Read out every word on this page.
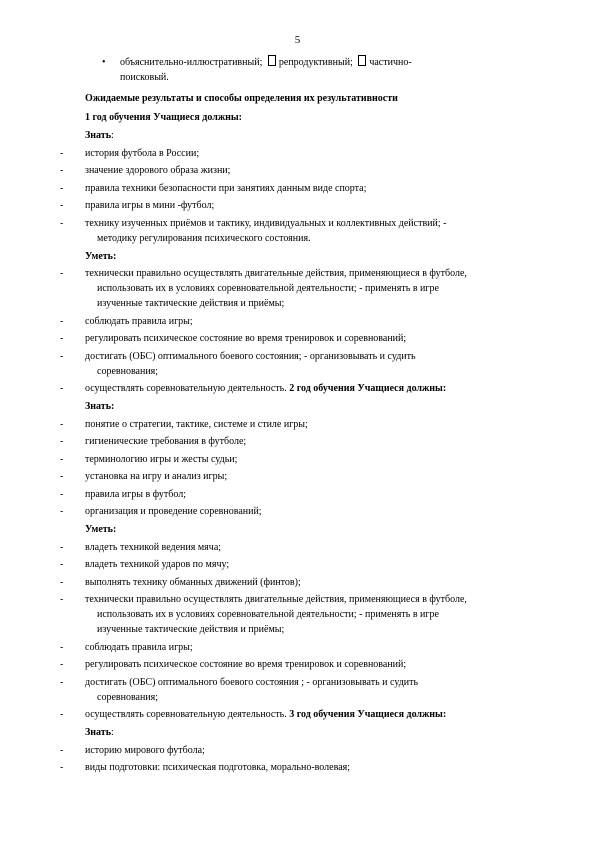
5
• объяснительно-иллюстративный; репродуктивный; частично-
поисковый.
Ожидаемые результаты и способы определения их результативности
1 год обучения Учащиеся должны:
Знать:
- история футбола в России;
- значение здорового образа жизни;
- правила техники безопасности при занятиях данным виде спорта;
- правила игры в мини -футбол;
- технику изученных приёмов и тактику, индивидуальных и коллективных действий; -
методику регулирования психического состояния.
Уметь:
- технически правильно осуществлять двигательные действия, применяющиеся в футболе,
использовать их в условиях соревновательной деятельности; - применять в игре
изученные тактические действия и приёмы;
- соблюдать правила игры;
- регулировать психическое состояние во время тренировок и соревнований;
- достигать (ОБС) оптимального боевого состояния; - организовывать и судить
соревнования;
- осуществлять соревновательную деятельность. 2 год обучения Учащиеся должны:
Знать:
- понятие о стратегии, тактике, системе и стиле игры;
- гигиенические требования в футболе;
- терминологию игры и жесты судьи;
- установка на игру и анализ игры;
- правила игры в футбол;
- организация и проведение соревнований;
Уметь:
- владеть техникой ведения мяча;
- владеть техникой ударов по мячу;
- выполнять технику обманных движений (финтов);
- технически правильно осуществлять двигательные действия, применяющиеся в футболе,
использовать их в условиях соревновательной деятельности; - применять в игре
изученные тактические действия и приёмы;
- соблюдать правила игры;
- регулировать психическое состояние во время тренировок и соревнований;
- достигать (ОБС) оптимального боевого состояния ; - организовывать и судить
соревнования;
- осуществлять соревновательную деятельность. 3 год обучения Учащиеся должны:
Знать:
- историю мирового футбола;
- виды подготовки: психическая подготовка, морально-волевая;
